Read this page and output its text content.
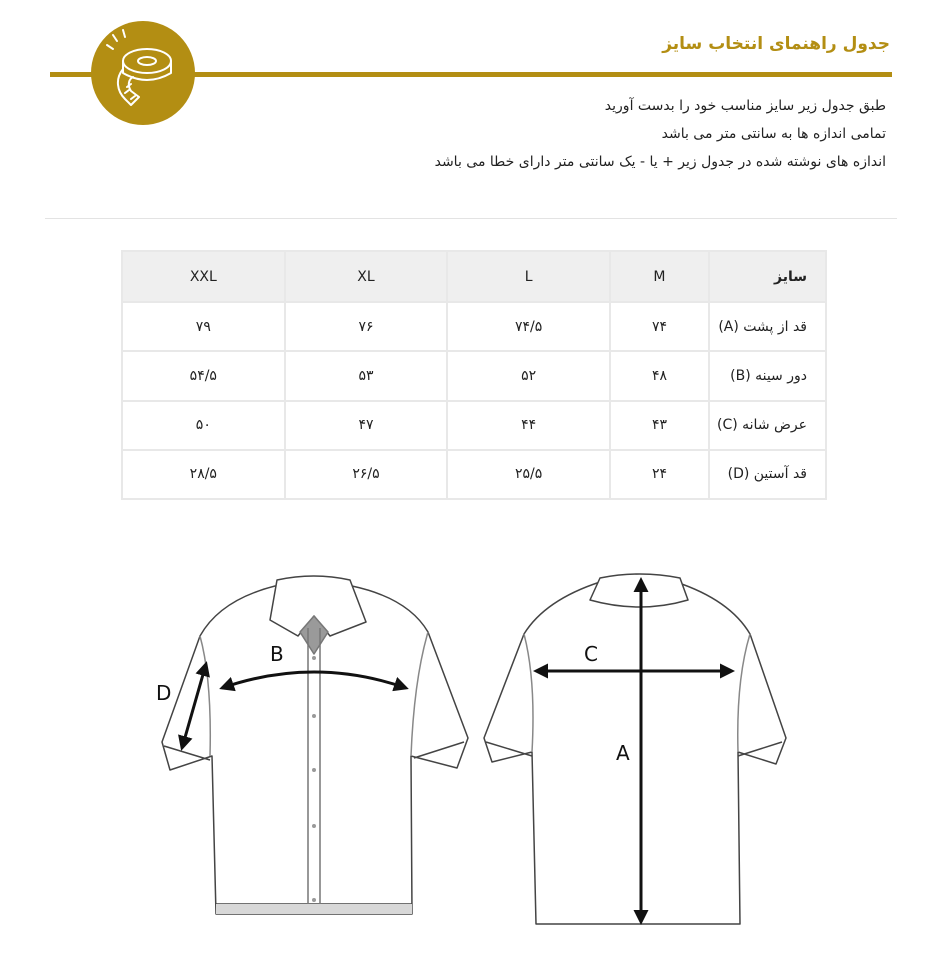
جدول راهنمای انتخاب سایز
طبق جدول زیر سایز مناسب خود را بدست آورید
تمامی اندازه ها به سانتی متر می باشد
اندازه های نوشته شده در جدول زیر + یا - یک سانتی متر دارای خطا می باشد
XXL	XL	L	M	سایز
۷۹	۷۶	۷۴/۵	۷۴	قد از پشت (A)
۵۴/۵	۵۳	۵۲	۴۸	دور سینه (B)
۵۰	۴۷	۴۴	۴۳	عرض شانه (C)
۲۸/۵	۲۶/۵	۲۵/۵	۲۴	قد آستین (D)
B
D
C
A
